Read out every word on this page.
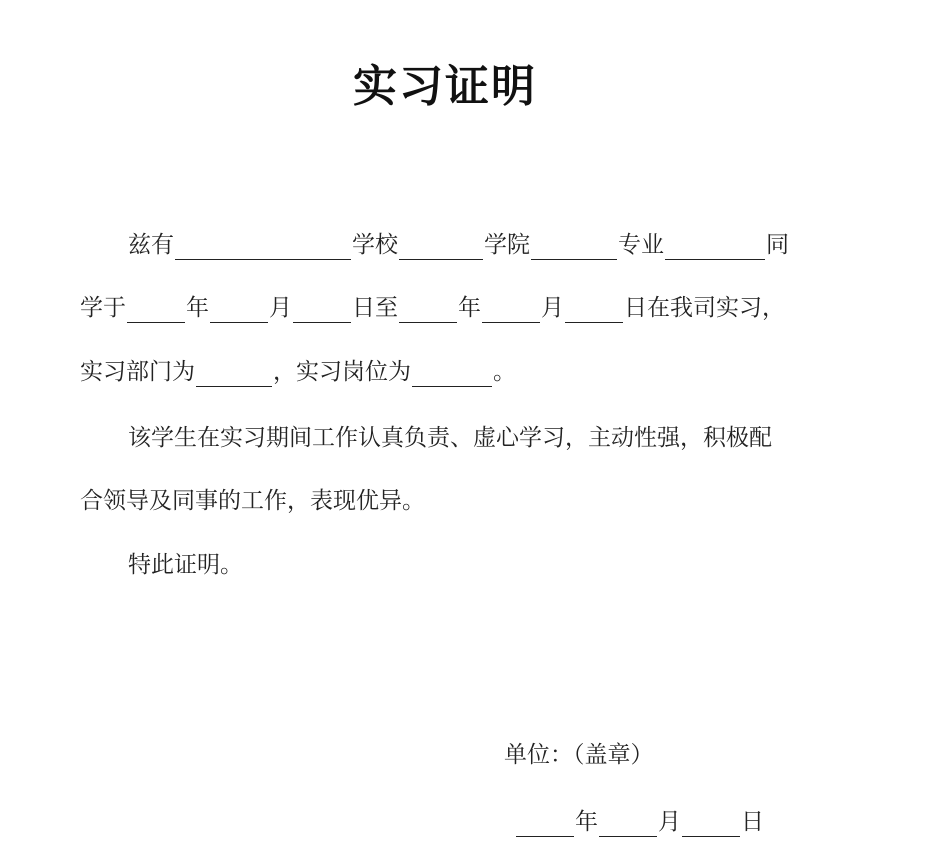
实习证明
兹有	学校	学院	专业	同
学于	年	月	日至	年	月	日在我司实习，
实习部门为	，实习岗位为	。
该学生在实习期间工作认真负责、虚心学习，主动性强，积极配
合领导及同事的工作，表现优异。
特此证明。
单位：（盖章）
年	月	日
